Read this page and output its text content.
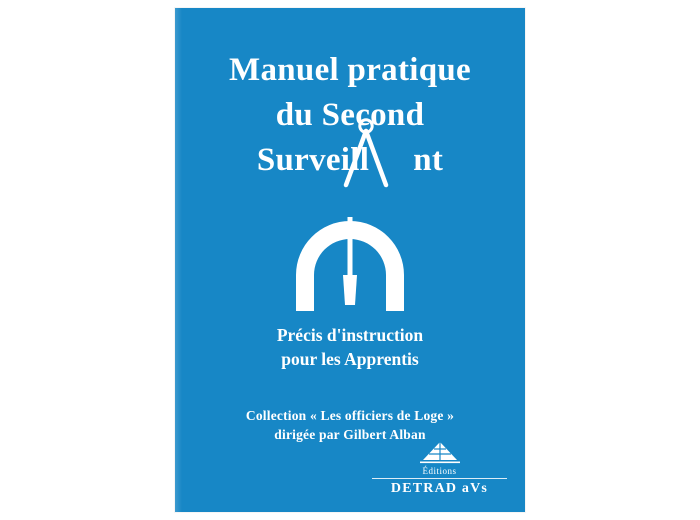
Manuel pratique
du Second
Surveill nt
Précis d'instruction
pour les Apprentis
Collection « Les officiers de Loge »
dirigée par Gilbert Alban
Éditions
DETRAD aVs
